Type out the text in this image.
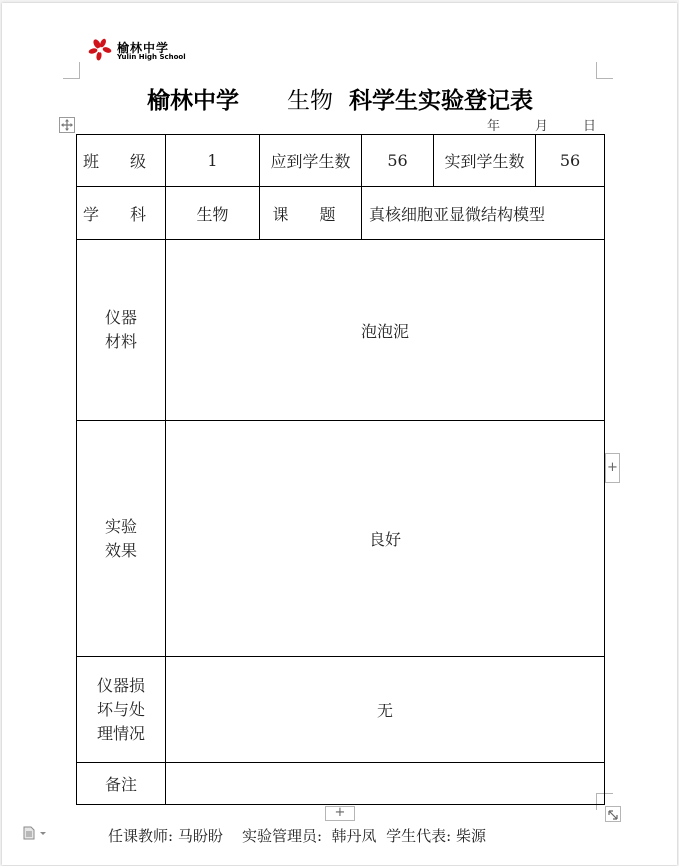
榆林中学
Yulin High School
榆林中学 生物 科学生实验登记表
年	月	日
班 级	1	应到学生数	56	实到学生数	56
学 科	生物	课 题	真核细胞亚显微结构模型		

仪器
材料	泡泡泥				

实验
效果	良好				

仪器损
坏与处
理情况	无				
备注					
+
+
任课教师: 马盼盼 实验管理员: 韩丹凤 学生代表: 柴源
